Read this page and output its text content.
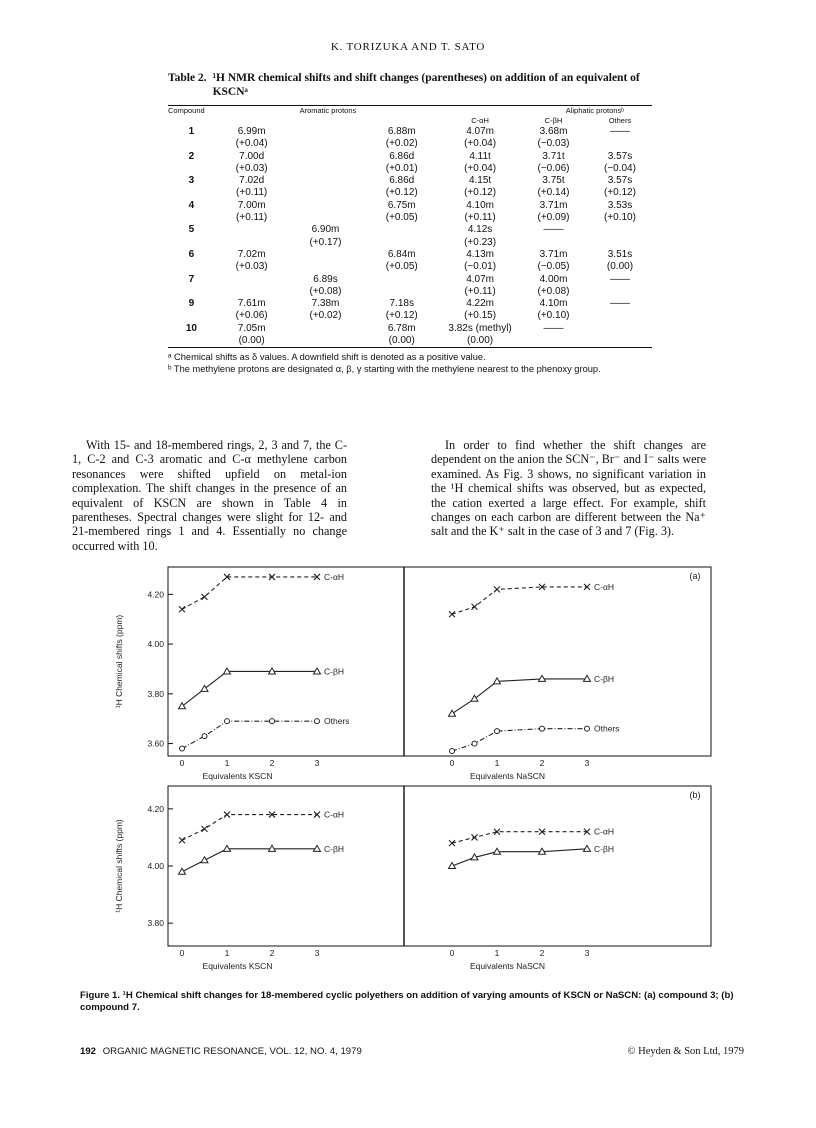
K. TORIZUKA AND T. SATO
Table 2. ¹H NMR chemical shifts and shift changes (parentheses) on addition of an equivalent of KSCNᵃ
Compound	Aromatic protons			Aliphatic protonsᵇ		
				C-αH	C-βH	Others
1	6.99m		6.88m	4.07m	3.68m	——
	(+0.04)		(+0.02)	(+0.04)	(−0.03)	
2	7.00d		6.86d	4.11t	3.71t	3.57s
	(+0.03)		(+0.01)	(+0.04)	(−0.06)	(−0.04)
3	7.02d		6.86d	4.15t	3.75t	3.57s
	(+0.11)		(+0.12)	(+0.12)	(+0.14)	(+0.12)
4	7.00m		6.75m	4.10m	3.71m	3.53s
	(+0.11)		(+0.05)	(+0.11)	(+0.09)	(+0.10)
5		6.90m		4.12s	——	
		(+0.17)		(+0.23)		
6	7.02m		6.84m	4.13m	3.71m	3.51s
	(+0.03)		(+0.05)	(−0.01)	(−0.05)	(0.00)
7		6.89s		4.07m	4.00m	——
		(+0.08)		(+0.11)	(+0.08)	
9	7.61m	7.38m	7.18s	4.22m	4.10m	——
	(+0.06)	(+0.02)	(+0.12)	(+0.15)	(+0.10)	
10	7.05m		6.78m	3.82s (methyl)	——	
	(0.00)		(0.00)	(0.00)		
ᵃ Chemical shifts as δ values. A downfield shift is denoted as a positive value.
ᵇ The methylene protons are designated α, β, γ starting with the methylene nearest to the phenoxy group.

With 15- and 18-membered rings, 2, 3 and 7, the C-1, C-2 and C-3 aromatic and C-α methylene carbon resonances were shifted upfield on metal-ion complexation. The shift changes in the presence of an equivalent of KSCN are shown in Table 4 in parentheses. Spectral changes were slight for 12- and 21-membered rings 1 and 4. Essentially no change occurred with 10.

In order to find whether the shift changes are dependent on the anion the SCN⁻, Br⁻ and I⁻ salts were examined. As Fig. 3 shows, no significant variation in the ¹H chemical shifts was observed, but as expected, the cation exerted a large effect. For example, shift changes on each carbon are different between the Na⁺ salt and the K⁺ salt in the case of 3 and 7 (Fig. 3).

(a)
(b)
0	1	2	3
Equivalents KSCN
3.60
3.80
4.00
4.20
¹H Chemical shifts (ppm)
C-αH
C-βH
Others
0	1	2	3
Equivalents NaSCN
C-αH
C-βH
Others
0	1	2	3
Equivalents KSCN
3.80
4.00
4.20
¹H Chemical shifts (ppm)
C-αH
C-βH
0	1	2	3
Equivalents NaSCN
C-αH
C-βH
Figure 1. ¹H Chemical shift changes for 18-membered cyclic polyethers on addition of varying amounts of KSCN or NaSCN: (a) compound 3; (b) compound 7.
192 ORGANIC MAGNETIC RESONANCE, VOL. 12, NO. 4, 1979	© Heyden & Son Ltd, 1979
